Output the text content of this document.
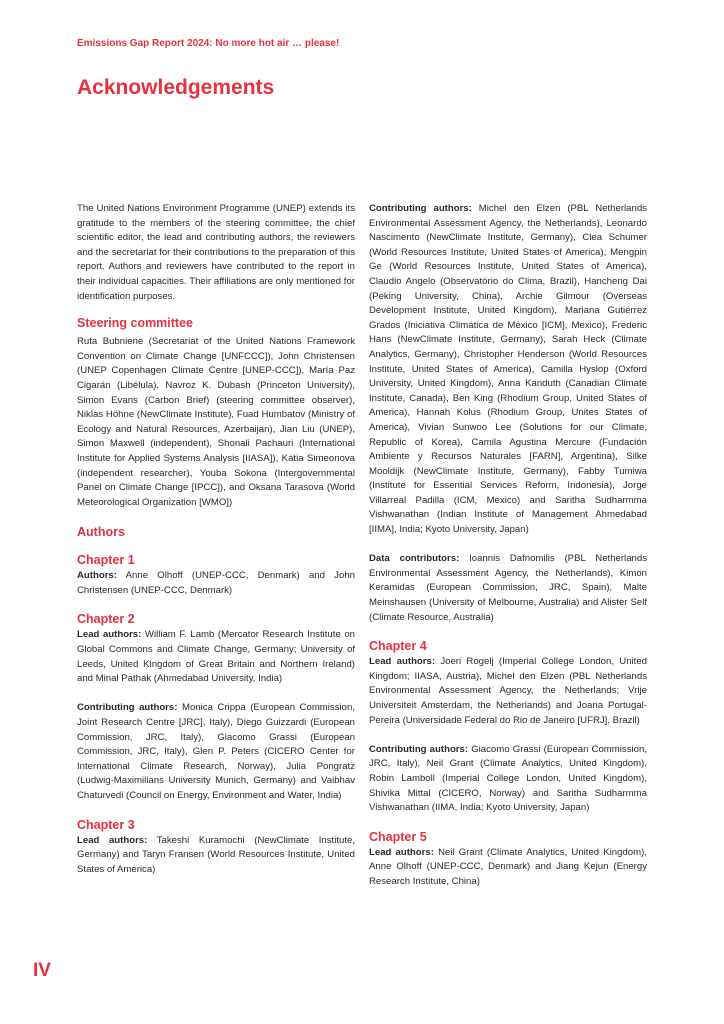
Emissions Gap Report 2024: No more hot air … please!
Acknowledgements

The United Nations Environment Programme (UNEP) extends its gratitude to the members of the steering committee, the chief scientific editor, the lead and contributing authors, the reviewers and the secretariat for their contributions to the preparation of this report. Authors and reviewers have contributed to the report in their individual capacities. Their affiliations are only mentioned for identification purposes.

Steering committee

Ruta Bubniene (Secretariat of the United Nations Framework Convention on Climate Change [UNFCCC]), John Christensen (UNEP Copenhagen Climate Centre [UNEP-CCC]), María Paz Cigarán (Libélula), Navroz K. Dubash (Princeton University), Simon Evans (Carbon Brief) (steering committee observer), Niklas Höhne (NewClimate Institute), Fuad Humbatov (Ministry of Ecology and Natural Resources, Azerbaijan), Jian Liu (UNEP), Simon Maxwell (independent), Shonali Pachauri (International Institute for Applied Systems Analysis [IIASA]), Katia Simeonova (independent researcher), Youba Sokona (Intergovernmental Panel on Climate Change [IPCC]), and Oksana Tarasova (World Meteorological Organization [WMO])

Authors
Chapter 1

Authors: Anne Olhoff (UNEP-CCC, Denmark) and John Christensen (UNEP-CCC, Denmark)

Chapter 2

Lead authors: William F. Lamb (Mercator Research Institute on Global Commons and Climate Change, Germany; University of Leeds, United Kingdom of Great Britain and Northern Ireland) and Minal Pathak (Ahmedabad University, India)

Contributing authors: Monica Crippa (European Commission, Joint Research Centre [JRC], Italy), Diego Guizzardi (European Commission, JRC, Italy), Giacomo Grassi (European Commission, JRC, Italy), Glen P. Peters (CICERO Center for International Climate Research, Norway), Julia Pongratz (Ludwig-Maximilians University Munich, Germany) and Vaibhav Chaturvedi (Council on Energy, Environment and Water, India)

Chapter 3

Lead authors: Takeshi Kuramochi (NewClimate Institute, Germany) and Taryn Fransen (World Resources Institute, United States of America)

Contributing authors: Michel den Elzen (PBL Netherlands Environmental Assessment Agency, the Netherlands), Leonardo Nascimento (NewClimate Institute, Germany), Clea Schumer (World Resources Institute, United States of America), Mengpin Ge (World Resources Institute, United States of America), Claudio Angelo (Observatório do Clima, Brazil), Hancheng Dai (Peking University, China), Archie Gilmour (Overseas Development Institute, United Kingdom), Mariana Gutiérrez Grados (Iniciativa Climática de México [ICM], Mexico), Frederic Hans (NewClimate Institute, Germany), Sarah Heck (Climate Analytics, Germany), Christopher Henderson (World Resources Institute, United States of America), Camilla Hyslop (Oxford University, United Kingdom), Anna Kanduth (Canadian Climate Institute, Canada), Ben King (Rhodium Group, United States of America), Hannah Kolus (Rhodium Group, Unites States of America), Vivian Sunwoo Lee (Solutions for our Climate, Republic of Korea), Camila Agustina Mercure (Fundación Ambiente y Recursos Naturales [FARN], Argentina), Silke Mooldijk (NewClimate Institute, Germany), Fabby Tumiwa (Institute for Essential Services Reform, Indonesia), Jorge Villarreal Padilla (ICM, Mexico) and Saritha Sudharmma Vishwanathan (Indian Institute of Management Ahmedabad [IIMA], India; Kyoto University, Japan)

Data contributors: Ioannis Dafnomilis (PBL Netherlands Environmental Assessment Agency, the Netherlands), Kimon Keramidas (European Commission, JRC, Spain), Malte Meinshausen (University of Melbourne, Australia) and Alister Self (Climate Resource, Australia)

Chapter 4

Lead authors: Joeri Rogelj (Imperial College London, United Kingdom; IIASA, Austria), Michel den Elzen (PBL Netherlands Environmental Assessment Agency, the Netherlands; Vrije Universiteit Amsterdam, the Netherlands) and Joana Portugal-Pereira (Universidade Federal do Rio de Janeiro [UFRJ], Brazil)

Contributing authors: Giacomo Grassi (European Commission, JRC, Italy), Neil Grant (Climate Analytics, United Kingdom), Robin Lamboll (Imperial College London, United Kingdom), Shivika Mittal (CICERO, Norway) and Saritha Sudharmma Vishwanathan (IIMA, India; Kyoto University, Japan)

Chapter 5

Lead authors: Neil Grant (Climate Analytics, United Kingdom), Anne Olhoff (UNEP-CCC, Denmark) and Jiang Kejun (Energy Research Institute, China)

IV
